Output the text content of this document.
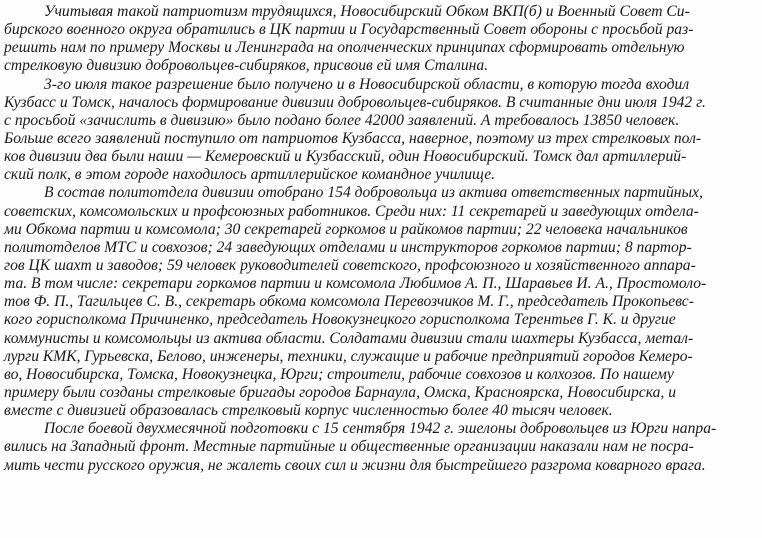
Учитывая такой патриотизм трудящихся, Новосибирский Обком ВКП(б) и Военный Совет Си-
бирского военного округа обратились в ЦК партии и Государственный Совет обороны с просьбой раз-
решить нам по примеру Москвы и Ленинграда на ополченческих принципах сформировать отдельную
стрелковую дивизию добровольцев-сибиряков, присвоив ей имя Сталина.
3-го июля такое разрешение было получено и в Новосибирской области, в которую тогда входил
Кузбасс и Томск, началось формирование дивизии добровольцев-сибиряков. В считанные дни июля 1942 г.
с просьбой «зачислить в дивизию» было подано более 42000 заявлений. А требовалось 13850 человек.
Больше всего заявлений поступило от патриотов Кузбасса, наверное, поэтому из трех стрелковых пол-
ков дивизии два были наши — Кемеровский и Кузбасский, один Новосибирский. Томск дал артиллерий-
ский полк, в этом городе находилось артиллерийское командное училище.
В состав политотдела дивизии отобрано 154 добровольца из актива ответственных партийных,
советских, комсомольских и профсоюзных работников. Среди них: 11 секретарей и заведующих отдела-
ми Обкома партии и комсомола; 30 секретарей горкомов и райкомов партии; 22 человека начальников
политотделов МТС и совхозов; 24 заведующих отделами и инструкторов горкомов партии; 8 партор-
гов ЦК шахт и заводов; 59 человек руководителей советского, профсоюзного и хозяйственного аппара-
та. В том числе: секретари горкомов партии и комсомола Любимов А. П., Шаравьев И. А., Простомоло-
тов Ф. П., Тагильцев С. В., секретарь обкома комсомола Перевозчиков М. Г., председатель Прокопьевс-
кого горисполкома Причиненко, председатель Новокузнецкого горисполкома Терентьев Г. К. и другие
коммунисты и комсомольцы из актива области. Солдатами дивизии стали шахтеры Кузбасса, метал-
лурги КМК, Гурьевска, Белово, инженеры, техники, служащие и рабочие предприятий городов Кемеро-
во, Новосибирска, Томска, Новокузнецка, Юрги; строители, рабочие совхозов и колхозов. По нашему
примеру были созданы стрелковые бригады городов Барнаула, Омска, Красноярска, Новосибирска, и
вместе с дивизией образовалась стрелковый корпус численностью более 40 тысяч человек.
После боевой двухмесячной подготовки с 15 сентября 1942 г. эшелоны добровольцев из Юрги напра-
вились на Западный фронт. Местные партийные и общественные организации наказали нам не посра-
мить чести русского оружия, не жалеть своих сил и жизни для быстрейшего разгрома коварного врага.
